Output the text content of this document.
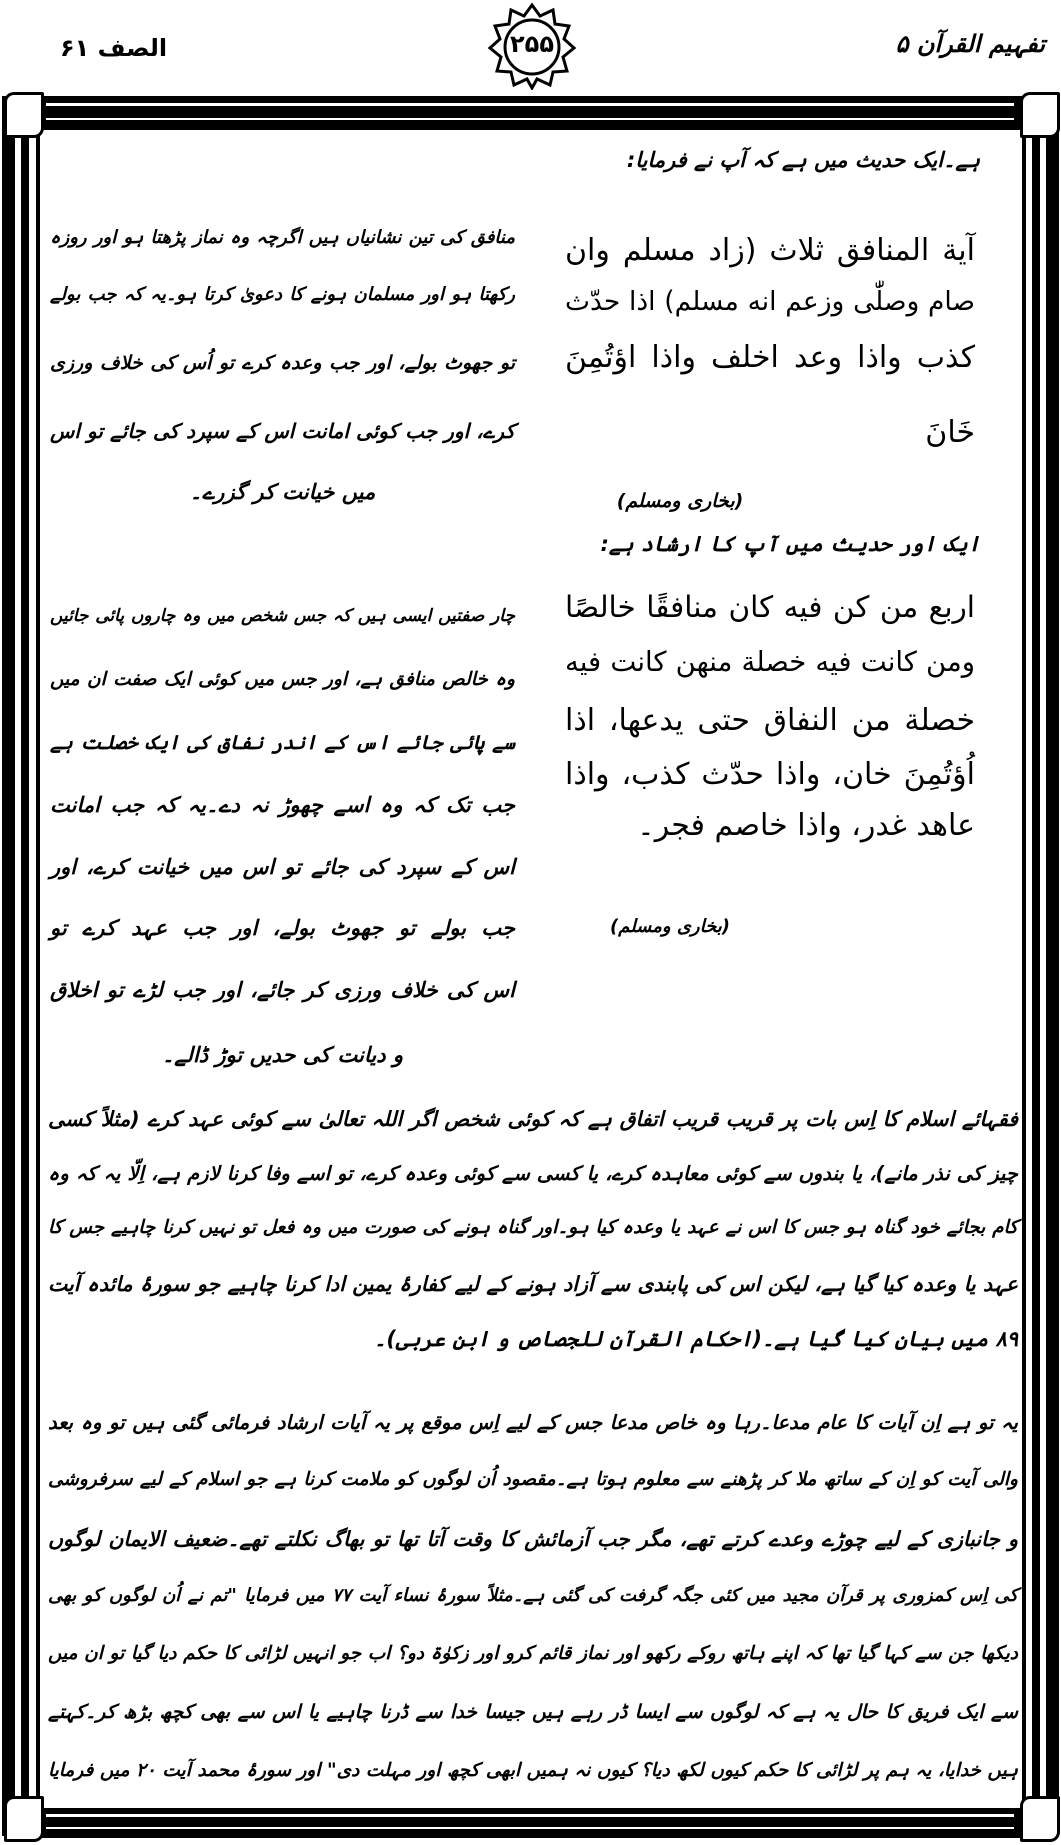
تفہیم القرآن ۵
الصف ۶۱	۲۵۵
ہے۔ایک حدیث میں ہے کہ آپ نے فرمایا:
آیة المنافق ثلاث (زاد مسلم وان
صام وصلّٰی وزعم انه مسلم) اذا حدّث
کذب واذا وعد اخلف واذا اؤتُمِنَ
خَانَ
(بخاری ومسلم)
ایک اور حدیث میں آپ کا ارشاد ہے:
اربع من کن فیه کان منافقًا خالصًا
ومن کانت فیه خصلة منهن کانت فیه
خصلة من النفاق حتی یدعها، اذا
اُؤتُمِنَ خان، واذا حدّث کذب، واذا
عاهد غدر، واذا خاصم فجر۔
(بخاری ومسلم)
منافق کی تین نشانیاں ہیں اگرچہ وہ نماز پڑھتا ہو اور روزہ
رکھتا ہو اور مسلمان ہونے کا دعویٰ کرتا ہو۔یہ کہ جب بولے
تو جھوٹ بولے، اور جب وعدہ کرے تو اُس کی خلاف ورزی
کرے، اور جب کوئی امانت اس کے سپرد کی جائے تو اس
میں خیانت کر گزرے۔
چار صفتیں ایسی ہیں کہ جس شخص میں وہ چاروں پائی جائیں
وہ خالص منافق ہے، اور جس میں کوئی ایک صفت ان میں
سے پائی جائے اس کے اندر نفاق کی ایک خصلت ہے
جب تک کہ وہ اسے چھوڑ نہ دے۔یہ کہ جب امانت
اس کے سپرد کی جائے تو اس میں خیانت کرے، اور
جب بولے تو جھوٹ بولے، اور جب عہد کرے تو
اس کی خلاف ورزی کر جائے، اور جب لڑے تو اخلاق
و دیانت کی حدیں توڑ ڈالے۔
فقہائے اسلام کا اِس بات پر قریب قریب اتفاق ہے کہ کوئی شخص اگر اللہ تعالیٰ سے کوئی عہد کرے (مثلاً کسی
چیز کی نذر مانے)، یا بندوں سے کوئی معاہدہ کرے، یا کسی سے کوئی وعدہ کرے، تو اسے وفا کرنا لازم ہے، اِلّا یہ کہ وہ
کام بجائے خود گناہ ہو جس کا اس نے عہد یا وعدہ کیا ہو۔اور گناہ ہونے کی صورت میں وہ فعل تو نہیں کرنا چاہیے جس کا
عہد یا وعدہ کیا گیا ہے، لیکن اس کی پابندی سے آزاد ہونے کے لیے کفارۂ یمین ادا کرنا چاہیے جو سورۂ مائدہ آیت
۸۹ میں بیان کیا گیا ہے۔(احکام القرآن للجصاص و ابن عربی)۔
یہ تو ہے اِن آیات کا عام مدعا۔رہا وہ خاص مدعا جس کے لیے اِس موقع پر یہ آیات ارشاد فرمائی گئی ہیں تو وہ بعد
والی آیت کو اِن کے ساتھ ملا کر پڑھنے سے معلوم ہوتا ہے۔مقصود اُن لوگوں کو ملامت کرنا ہے جو اسلام کے لیے سرفروشی
و جانبازی کے لیے چوڑے وعدے کرتے تھے، مگر جب آزمائش کا وقت آتا تھا تو بھاگ نکلتے تھے۔ضعیف الایمان لوگوں
کی اِس کمزوری پر قرآن مجید میں کئی جگہ گرفت کی گئی ہے۔مثلاً سورۂ نساء آیت ۷۷ میں فرمایا "تم نے اُن لوگوں کو بھی
دیکھا جن سے کہا گیا تھا کہ اپنے ہاتھ روکے رکھو اور نماز قائم کرو اور زکوٰۃ دو؟ اب جو انہیں لڑائی کا حکم دیا گیا تو ان میں
سے ایک فریق کا حال یہ ہے کہ لوگوں سے ایسا ڈر رہے ہیں جیسا خدا سے ڈرنا چاہیے یا اس سے بھی کچھ بڑھ کر۔کہتے
ہیں خدایا، یہ ہم پر لڑائی کا حکم کیوں لکھ دیا؟ کیوں نہ ہمیں ابھی کچھ اور مہلت دی" اور سورۂ محمد آیت ۲۰ میں فرمایا
